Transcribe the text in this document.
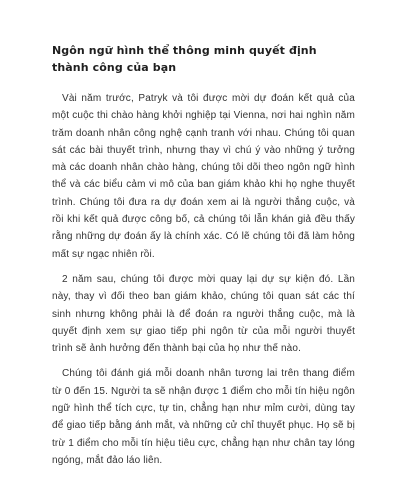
Ngôn ngữ hình thể thông minh quyết định thành công của bạn

Vài năm trước, Patryk và tôi được mời dự đoán kết quả của một cuộc thi chào hàng khởi nghiệp tại Vienna, nơi hai nghìn năm trăm doanh nhân công nghệ cạnh tranh với nhau. Chúng tôi quan sát các bài thuyết trình, nhưng thay vì chú ý vào những ý tưởng mà các doanh nhân chào hàng, chúng tôi dõi theo ngôn ngữ hình thể và các biểu cảm vi mô của ban giám khảo khi họ nghe thuyết trình. Chúng tôi đưa ra dự đoán xem ai là người thắng cuộc, và rồi khi kết quả được công bố, cả chúng tôi lẫn khán giả đều thấy rằng những dự đoán ấy là chính xác. Có lẽ chúng tôi đã làm hỏng mất sự ngạc nhiên rồi.

2 năm sau, chúng tôi được mời quay lại dự sự kiện đó. Lần này, thay vì đối theo ban giám khảo, chúng tôi quan sát các thí sinh nhưng không phải là để đoán ra người thắng cuộc, mà là quyết định xem sự giao tiếp phi ngôn từ của mỗi người thuyết trình sẽ ảnh hưởng đến thành bại của họ như thế nào.

Chúng tôi đánh giá mỗi doanh nhân tương lai trên thang điểm từ 0 đến 15. Người ta sẽ nhận được 1 điểm cho mỗi tín hiệu ngôn ngữ hình thể tích cực, tự tin, chẳng hạn như mỉm cười, dùng tay để giao tiếp bằng ánh mắt, và những cử chỉ thuyết phục. Họ sẽ bị trừ 1 điểm cho mỗi tín hiệu tiêu cực, chẳng hạn như chân tay lóng ngóng, mắt đảo láo liên.
